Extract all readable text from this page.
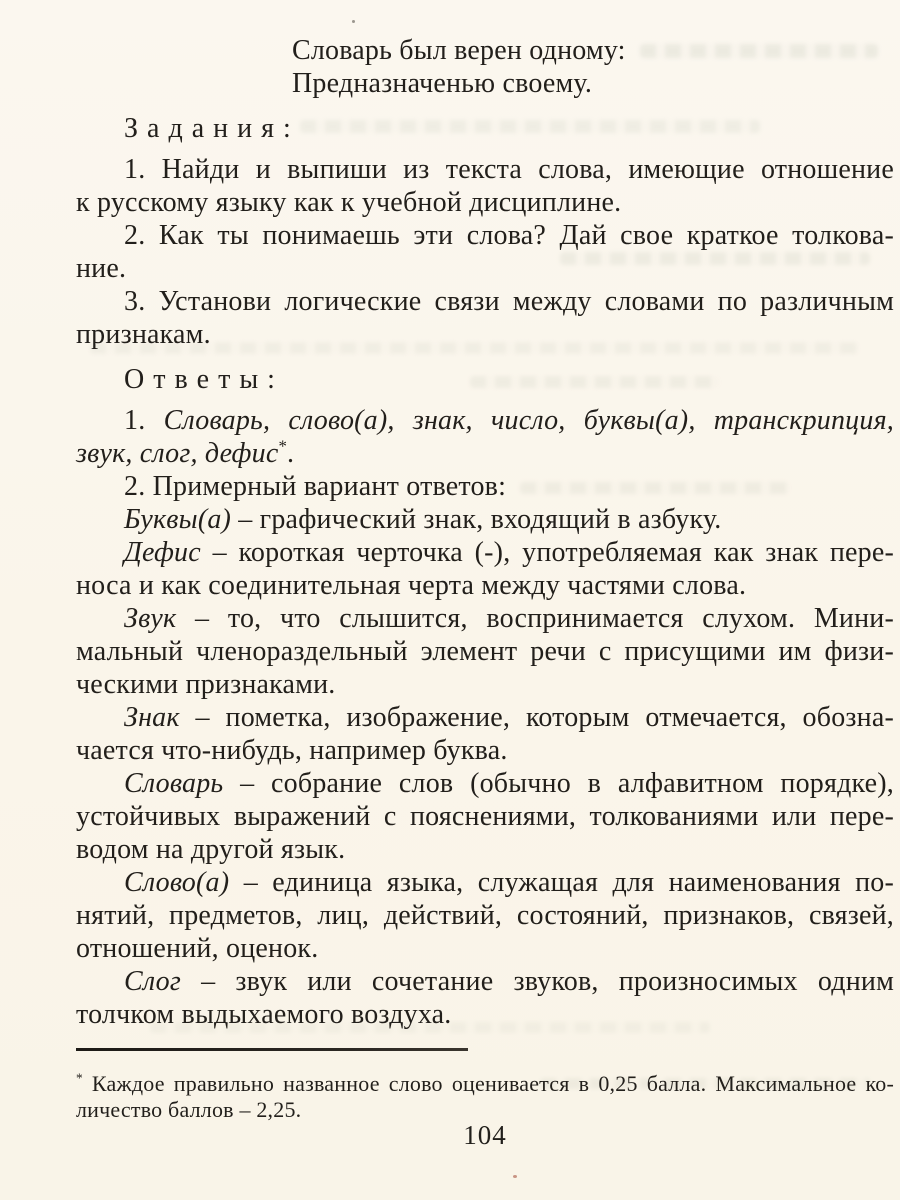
Словарь был верен одному:
Предназначенью своему.
З а д а н и я :
1. Найди и выпиши из текста слова, имеющие отношение
к русскому языку как к учебной дисциплине.
2. Как ты понимаешь эти слова? Дай свое краткое толкова-
ние.
3. Установи логические связи между словами по различным
признакам.
О т в е т ы :
1. Словарь, слово(а), знак, число, буквы(а), транскрипция,
звук, слог, дефис*.
2. Примерный вариант ответов:
Буквы(а) – графический знак, входящий в азбуку.
Дефис – короткая черточка (-), употребляемая как знак пере-
носа и как соединительная черта между частями слова.
Звук – то, что слышится, воспринимается слухом. Мини-
мальный членораздельный элемент речи с присущими им физи-
ческими признаками.
Знак – пометка, изображение, которым отмечается, обозна-
чается что-нибудь, например буква.
Словарь – собрание слов (обычно в алфавитном порядке),
устойчивых выражений с пояснениями, толкованиями или пере-
водом на другой язык.
Слово(а) – единица языка, служащая для наименования по-
нятий, предметов, лиц, действий, состояний, признаков, связей,
отношений, оценок.
Слог – звук или сочетание звуков, произносимых одним
толчком выдыхаемого воздуха.
* Каждое правильно названное слово оценивается в 0,25 балла. Максимальное ко-
личество баллов – 2,25.
104
